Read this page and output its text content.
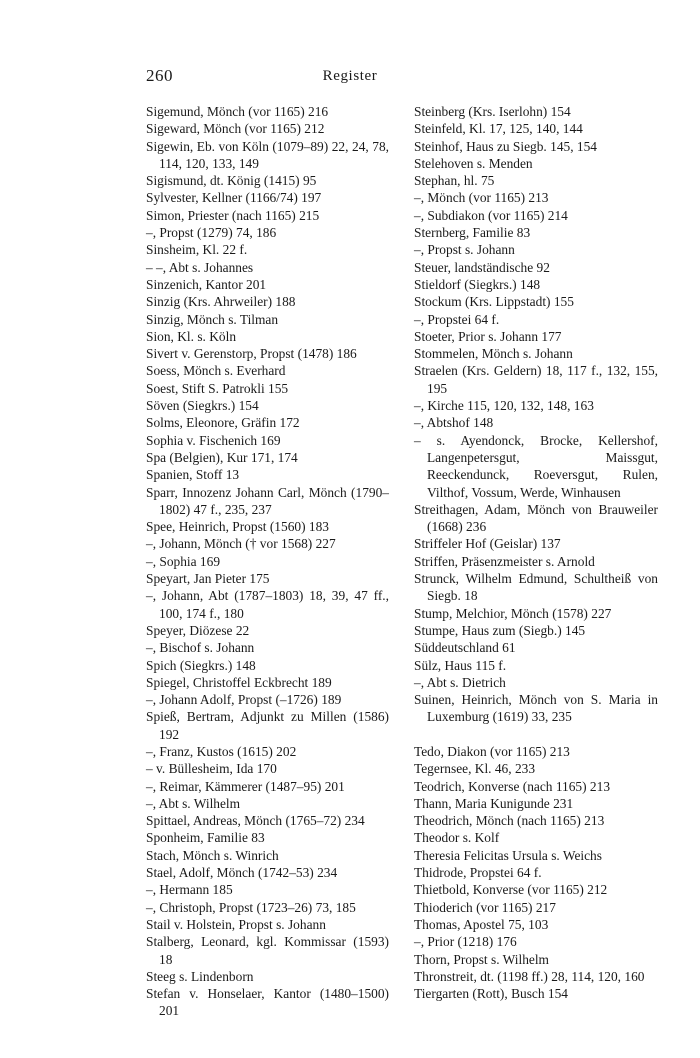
260	Register

Sigemund, Mönch (vor 1165) 216

Sigeward, Mönch (vor 1165) 212

Sigewin, Eb. von Köln (1079–89) 22, 24, 78, 114, 120, 133, 149

Sigismund, dt. König (1415) 95

Sylvester, Kellner (1166/74) 197

Simon, Priester (nach 1165) 215

–, Propst (1279) 74, 186

Sinsheim, Kl. 22 f.

– –, Abt s. Johannes

Sinzenich, Kantor 201

Sinzig (Krs. Ahrweiler) 188

Sinzig, Mönch s. Tilman

Sion, Kl. s. Köln

Sivert v. Gerenstorp, Propst (1478) 186

Soess, Mönch s. Everhard

Soest, Stift S. Patrokli 155

Söven (Siegkrs.) 154

Solms, Eleonore, Gräfin 172

Sophia v. Fischenich 169

Spa (Belgien), Kur 171, 174

Spanien, Stoff 13

Sparr, Innozenz Johann Carl, Mönch (1790–1802) 47 f., 235, 237

Spee, Heinrich, Propst (1560) 183

–, Johann, Mönch († vor 1568) 227

–, Sophia 169

Speyart, Jan Pieter 175

–, Johann, Abt (1787–1803) 18, 39, 47 ff., 100, 174 f., 180

Speyer, Diözese 22

–, Bischof s. Johann

Spich (Siegkrs.) 148

Spiegel, Christoffel Eckbrecht 189

–, Johann Adolf, Propst (–1726) 189

Spieß, Bertram, Adjunkt zu Millen (1586) 192

–, Franz, Kustos (1615) 202

– v. Büllesheim, Ida 170

–, Reimar, Kämmerer (1487–95) 201

–, Abt s. Wilhelm

Spittael, Andreas, Mönch (1765–72) 234

Sponheim, Familie 83

Stach, Mönch s. Winrich

Stael, Adolf, Mönch (1742–53) 234

–, Hermann 185

–, Christoph, Propst (1723–26) 73, 185

Stail v. Holstein, Propst s. Johann

Stalberg, Leonard, kgl. Kommissar (1593) 18

Steeg s. Lindenborn

Stefan v. Honselaer, Kantor (1480–1500) 201

Steinberg (Krs. Iserlohn) 154

Steinfeld, Kl. 17, 125, 140, 144

Steinhof, Haus zu Siegb. 145, 154

Stelehoven s. Menden

Stephan, hl. 75

–, Mönch (vor 1165) 213

–, Subdiakon (vor 1165) 214

Sternberg, Familie 83

–, Propst s. Johann

Steuer, landständische 92

Stieldorf (Siegkrs.) 148

Stockum (Krs. Lippstadt) 155

–, Propstei 64 f.

Stoeter, Prior s. Johann 177

Stommelen, Mönch s. Johann

Straelen (Krs. Geldern) 18, 117 f., 132, 155, 195

–, Kirche 115, 120, 132, 148, 163

–, Abtshof 148

– s. Ayendonck, Brocke, Kellershof, Langenpetersgut, Maissgut, Reeckendunck, Roeversgut, Rulen, Vilthof, Vossum, Werde, Winhausen

Streithagen, Adam, Mönch von Brauweiler (1668) 236

Striffeler Hof (Geislar) 137

Striffen, Präsenzmeister s. Arnold

Strunck, Wilhelm Edmund, Schultheiß von Siegb. 18

Stump, Melchior, Mönch (1578) 227

Stumpe, Haus zum (Siegb.) 145

Süddeutschland 61

Sülz, Haus 115 f.

–, Abt s. Dietrich

Suinen, Heinrich, Mönch von S. Maria in Luxemburg (1619) 33, 235

Tedo, Diakon (vor 1165) 213

Tegernsee, Kl. 46, 233

Teodrich, Konverse (nach 1165) 213

Thann, Maria Kunigunde 231

Theodrich, Mönch (nach 1165) 213

Theodor s. Kolf

Theresia Felicitas Ursula s. Weichs

Thidrode, Propstei 64 f.

Thietbold, Konverse (vor 1165) 212

Thioderich (vor 1165) 217

Thomas, Apostel 75, 103

–, Prior (1218) 176

Thorn, Propst s. Wilhelm

Thronstreit, dt. (1198 ff.) 28, 114, 120, 160

Tiergarten (Rott), Busch 154
